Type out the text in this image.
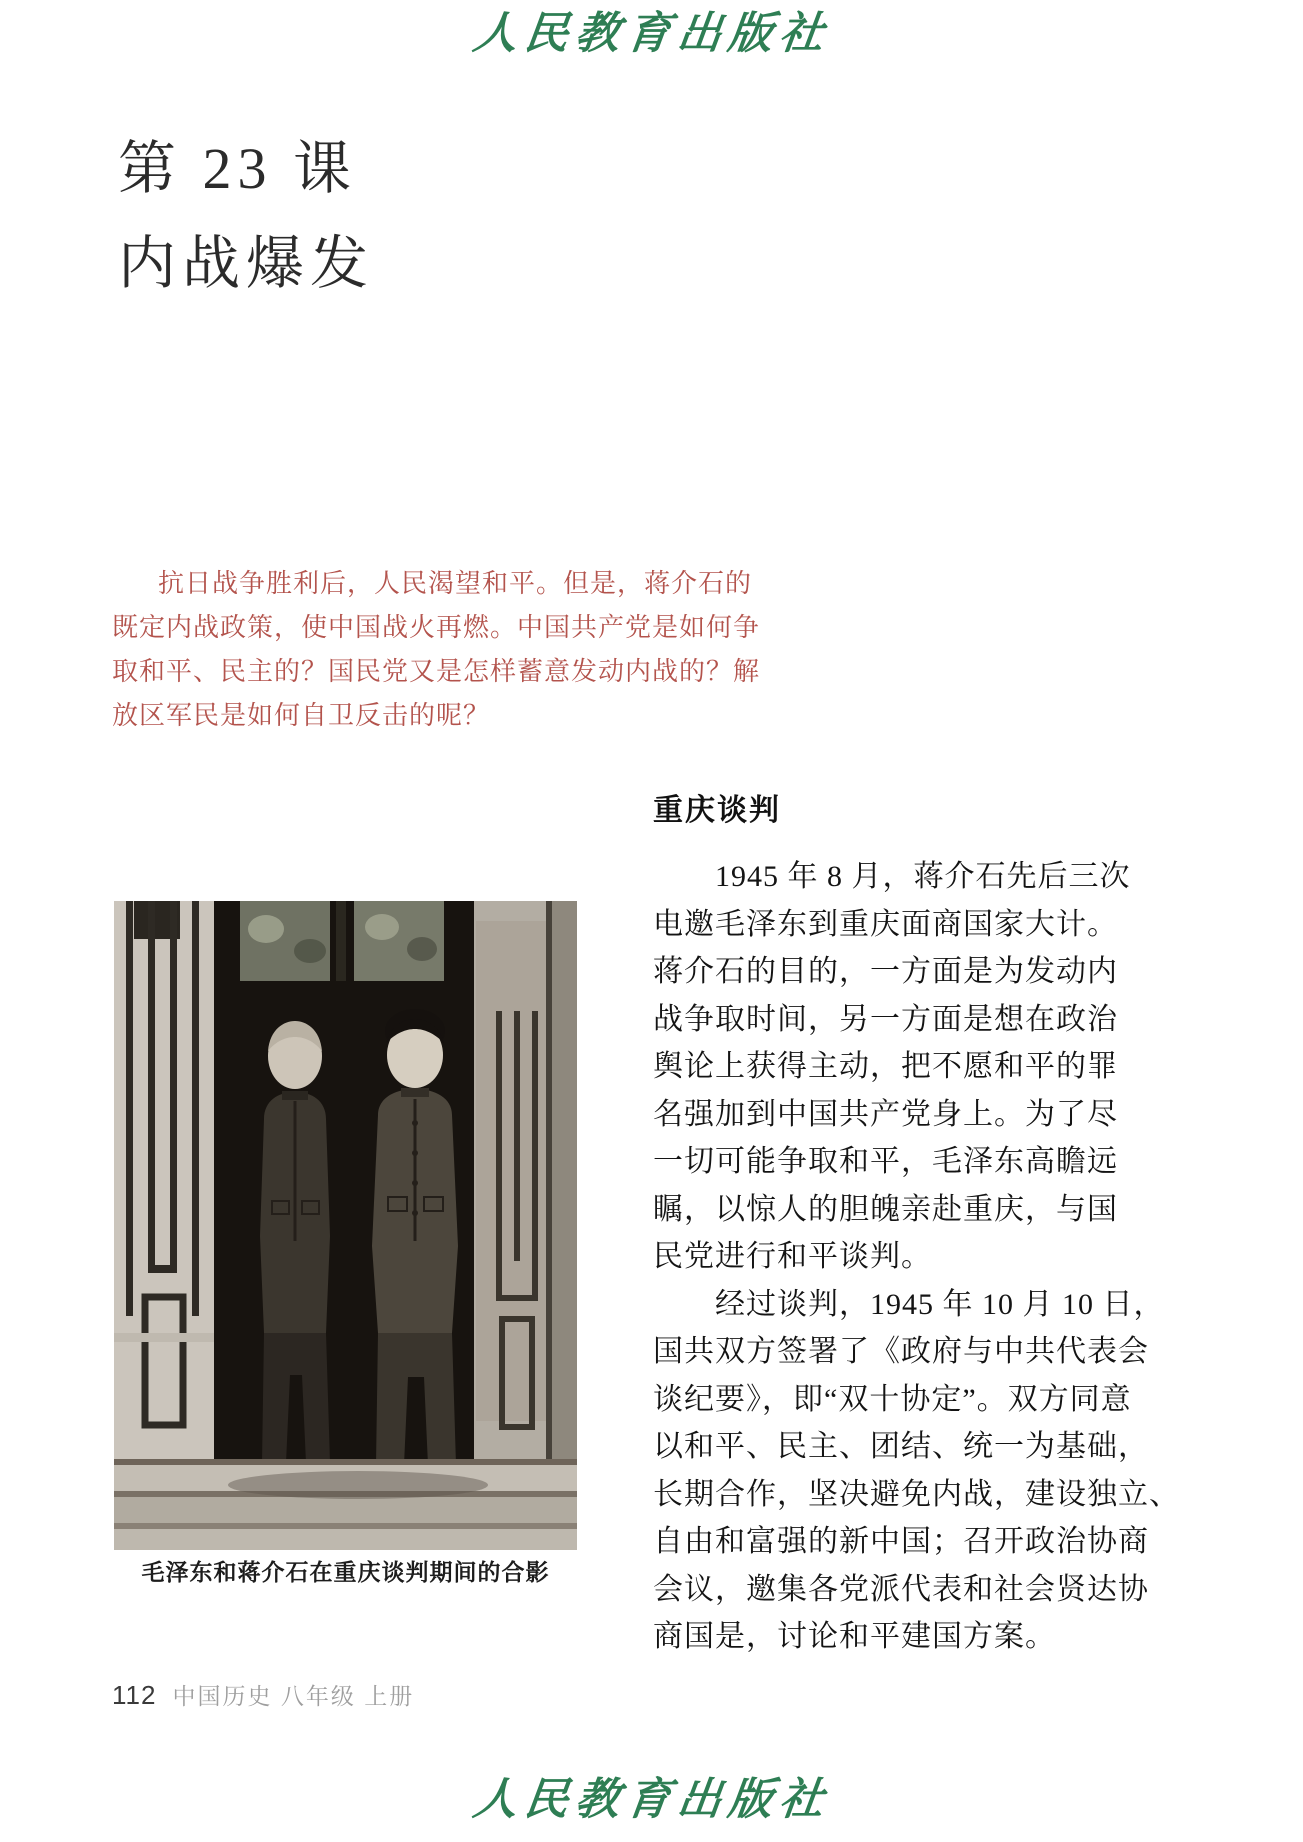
人民教育出版社
第 23 课
内战爆发
抗日战争胜利后，人民渴望和平。但是，蒋介石的
既定内战政策，使中国战火再燃。中国共产党是如何争
取和平、民主的？国民党又是怎样蓄意发动内战的？解
放区军民是如何自卫反击的呢？
重庆谈判
1945 年 8 月，蒋介石先后三次
电邀毛泽东到重庆面商国家大计。
蒋介石的目的，一方面是为发动内
战争取时间，另一方面是想在政治
舆论上获得主动，把不愿和平的罪
名强加到中国共产党身上。为了尽
一切可能争取和平，毛泽东高瞻远
瞩，以惊人的胆魄亲赴重庆，与国
民党进行和平谈判。
经过谈判，1945 年 10 月 10 日，
国共双方签署了《政府与中共代表会
谈纪要》，即“双十协定”。双方同意
以和平、民主、团结、统一为基础，
长期合作，坚决避免内战，建设独立、
自由和富强的新中国；召开政治协商
会议，邀集各党派代表和社会贤达协
商国是，讨论和平建国方案。
毛泽东和蒋介石在重庆谈判期间的合影
112 中国历史 八年级 上册
人民教育出版社
